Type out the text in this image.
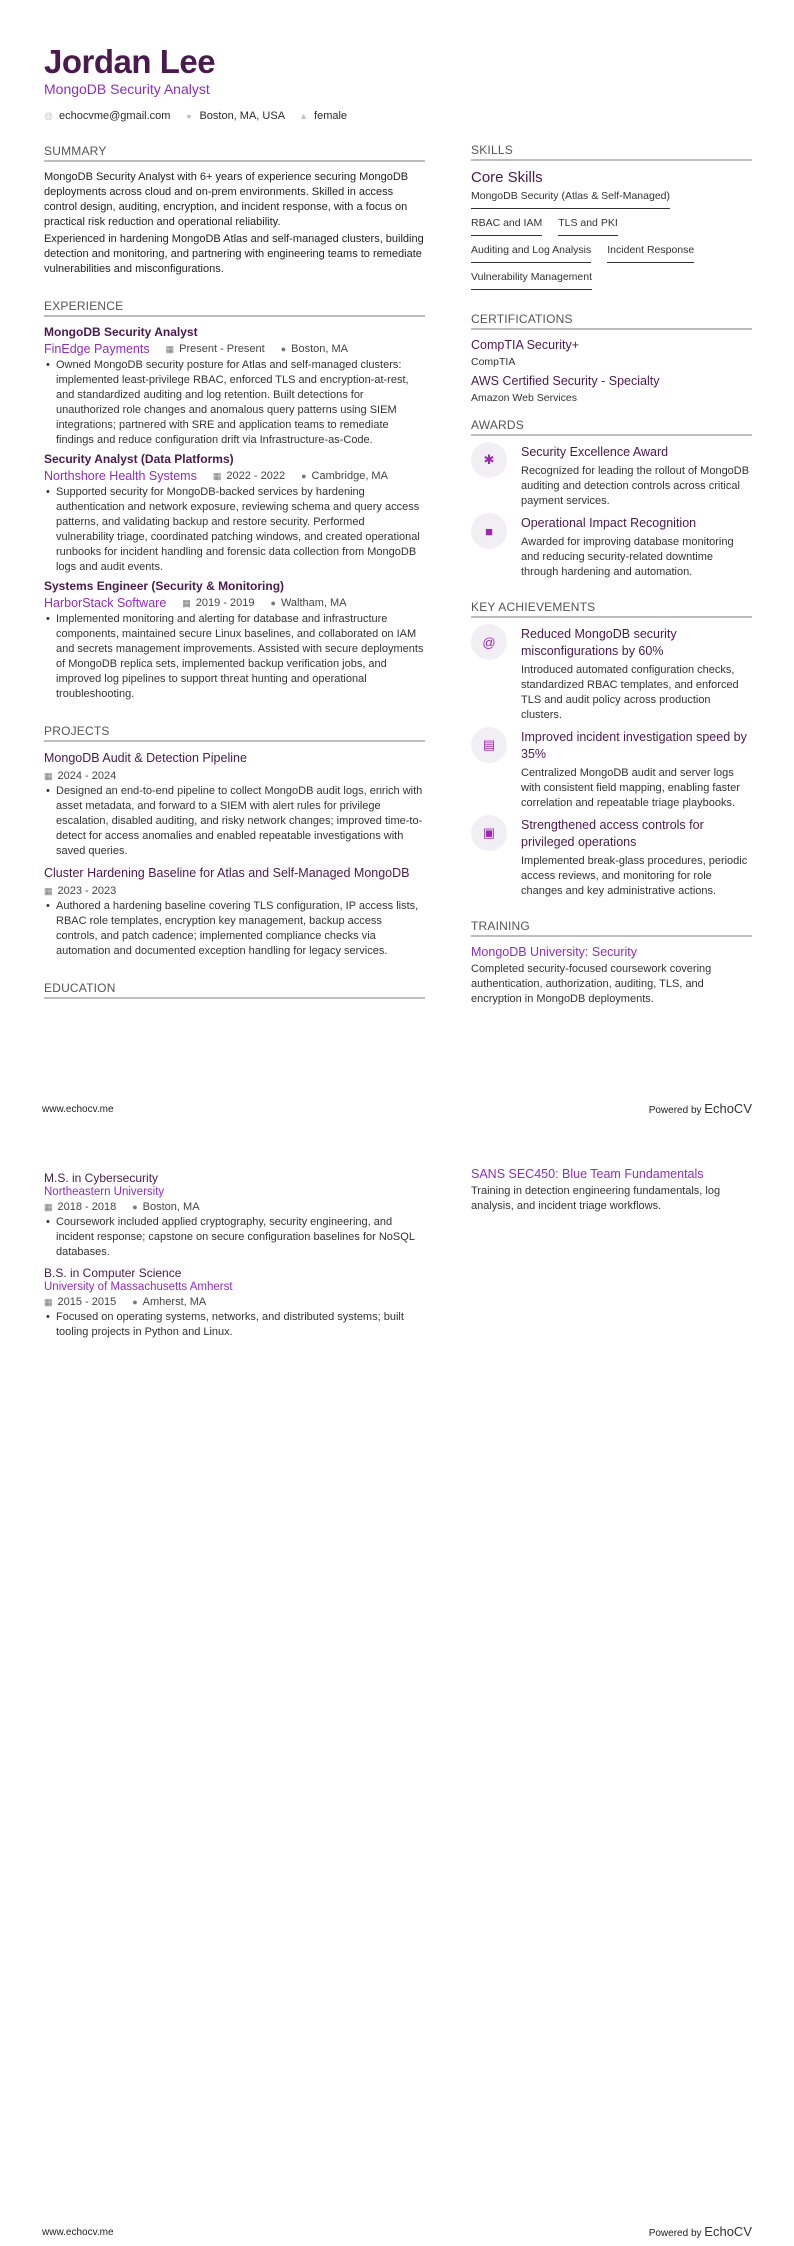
Jordan Lee
MongoDB Security Analyst
@ echocvme@gmail.com ● Boston, MA, USA ▲ female
SUMMARY

MongoDB Security Analyst with 6+ years of experience securing MongoDB deployments across cloud and on-prem environments. Skilled in access control design, auditing, encryption, and incident response, with a focus on practical risk reduction and operational reliability.

Experienced in hardening MongoDB Atlas and self-managed clusters, building detection and monitoring, and partnering with engineering teams to remediate vulnerabilities and misconfigurations.

EXPERIENCE
MongoDB Security Analyst
FinEdge Payments ▦ Present - Present ● Boston, MA
• Owned MongoDB security posture for Atlas and self-managed clusters: implemented least-privilege RBAC, enforced TLS and encryption-at-rest, and standardized auditing and log retention. Built detections for unauthorized role changes and anomalous query patterns using SIEM integrations; partnered with SRE and application teams to remediate findings and reduce configuration drift via Infrastructure-as-Code.
Security Analyst (Data Platforms)
Northshore Health Systems ▦ 2022 - 2022 ● Cambridge, MA
• Supported security for MongoDB-backed services by hardening authentication and network exposure, reviewing schema and query access patterns, and validating backup and restore security. Performed vulnerability triage, coordinated patching windows, and created operational runbooks for incident handling and forensic data collection from MongoDB logs and audit events.
Systems Engineer (Security & Monitoring)
HarborStack Software ▦ 2019 - 2019 ● Waltham, MA
• Implemented monitoring and alerting for database and infrastructure components, maintained secure Linux baselines, and collaborated on IAM and secrets management improvements. Assisted with secure deployments of MongoDB replica sets, implemented backup verification jobs, and improved log pipelines to support threat hunting and operational troubleshooting.
PROJECTS
MongoDB Audit & Detection Pipeline
▦ 2024 - 2024
• Designed an end-to-end pipeline to collect MongoDB audit logs, enrich with asset metadata, and forward to a SIEM with alert rules for privilege escalation, disabled auditing, and risky network changes; improved time-to-detect for access anomalies and enabled repeatable investigations with saved queries.
Cluster Hardening Baseline for Atlas and Self-Managed MongoDB
▦ 2023 - 2023
• Authored a hardening baseline covering TLS configuration, IP access lists, RBAC role templates, encryption key management, backup access controls, and patch cadence; implemented compliance checks via automation and documented exception handling for legacy services.
EDUCATION
SKILLS
Core Skills
MongoDB Security (Atlas & Self-Managed)
RBAC and IAM TLS and PKI
Auditing and Log Analysis Incident Response
Vulnerability Management
CERTIFICATIONS
CompTIA Security+
CompTIA
AWS Certified Security - Specialty
Amazon Web Services
AWARDS
✱	Security Excellence Award
Recognized for leading the rollout of MongoDB auditing and detection controls across critical payment services.
■
Operational Impact Recognition
Awarded for improving database monitoring and reducing security-related downtime through hardening and automation.
KEY ACHIEVEMENTS
@
Reduced MongoDB security misconfigurations by 60%
Introduced automated configuration checks, standardized RBAC templates, and enforced TLS and audit policy across production clusters.
▤	Improved incident investigation speed by 35%
Centralized MongoDB audit and server logs with consistent field mapping, enabling faster correlation and repeatable triage playbooks.
▣	Strengthened access controls for privileged operations
Implemented break-glass procedures, periodic access reviews, and monitoring for role changes and key administrative actions.
TRAINING
MongoDB University: Security
Completed security-focused coursework covering authentication, authorization, auditing, TLS, and encryption in MongoDB deployments.
www.echocv.me	Powered by EchoCV
M.S. in Cybersecurity
Northeastern University
▦ 2018 - 2018 ● Boston, MA
• Coursework included applied cryptography, security engineering, and incident response; capstone on secure configuration baselines for NoSQL databases.
B.S. in Computer Science
University of Massachusetts Amherst
▦ 2015 - 2015 ● Amherst, MA
• Focused on operating systems, networks, and distributed systems; built tooling projects in Python and Linux.
SANS SEC450: Blue Team Fundamentals
Training in detection engineering fundamentals, log analysis, and incident triage workflows.
www.echocv.me	Powered by EchoCV
